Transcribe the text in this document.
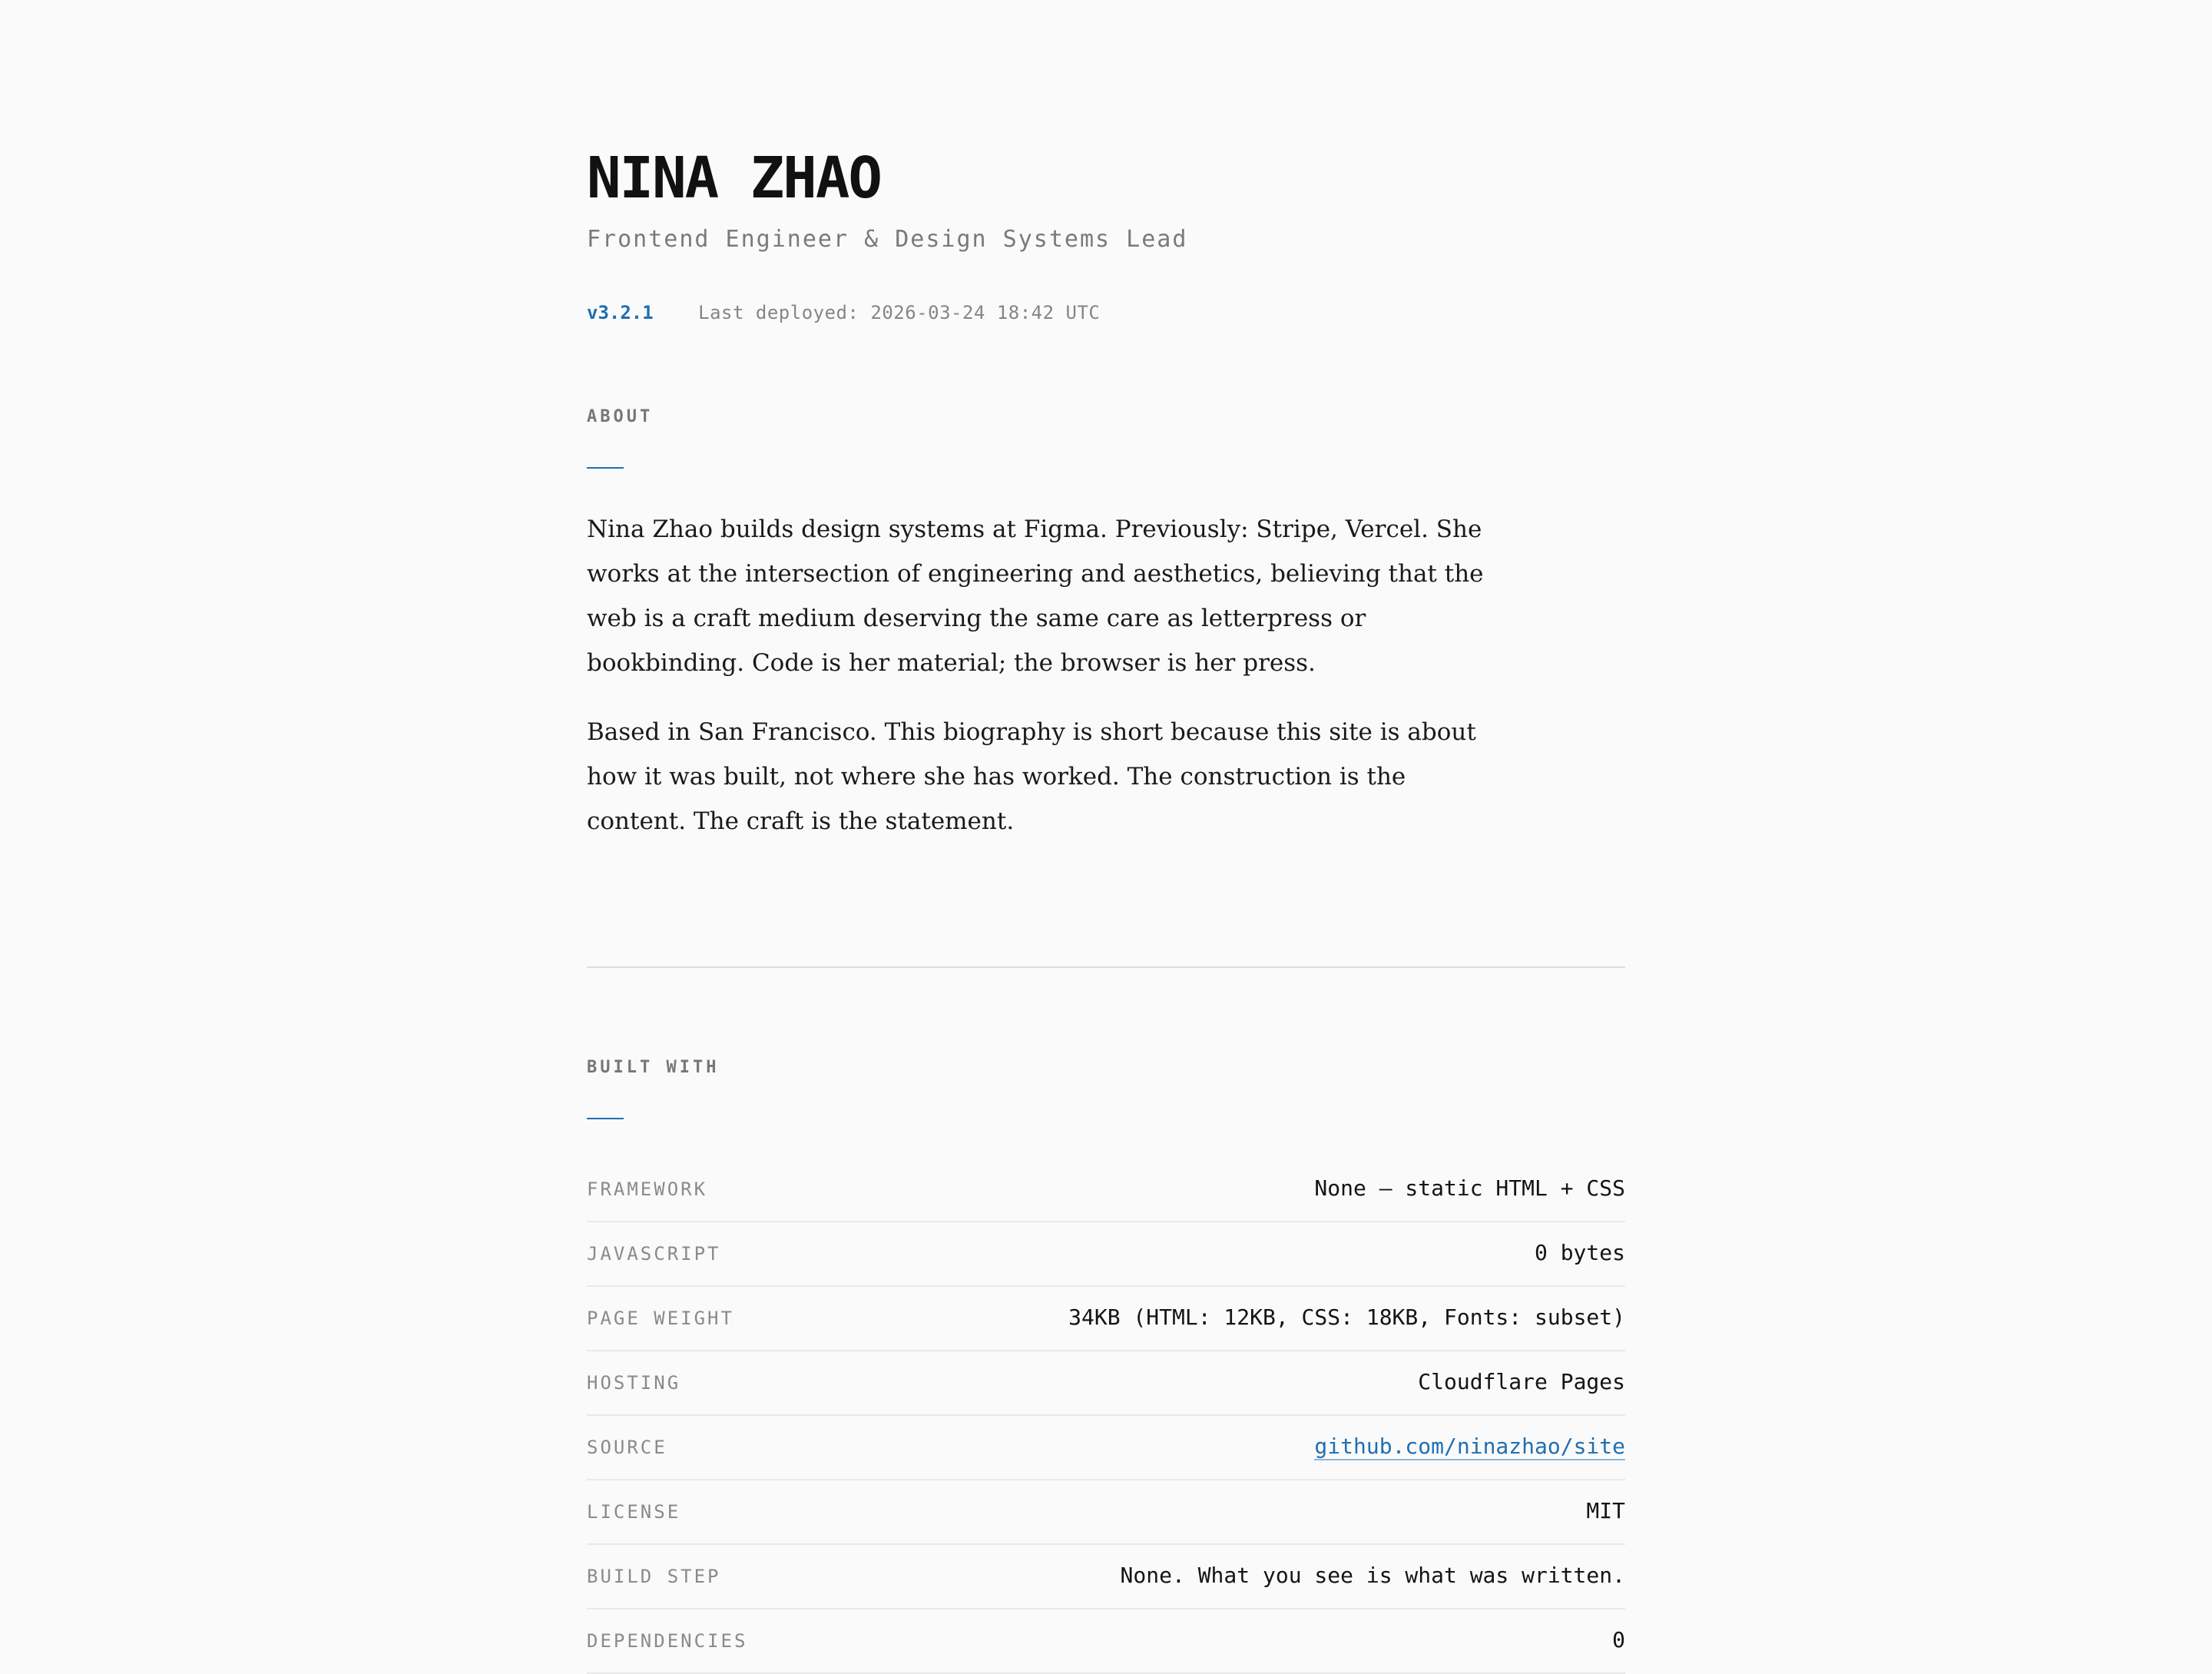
NINA ZHAO
Frontend Engineer & Design Systems Lead
v3.2.1 Last deployed: 2026-03-24 18:42 UTC
ABOUT

Nina Zhao builds design systems at Figma. Previously: Stripe, Vercel. She works at the intersection of engineering and aesthetics, believing that the web is a craft medium deserving the same care as letterpress or bookbinding. Code is her material; the browser is her press.

Based in San Francisco. This biography is short because this site is about how it was built, not where she has worked. The construction is the content. The craft is the statement.

BUILT WITH
FRAMEWORK	None — static HTML + CSS
JAVASCRIPT	0 bytes
PAGE WEIGHT	34KB (HTML: 12KB, CSS: 18KB, Fonts: subset)
HOSTING	Cloudflare Pages
SOURCE	github.com/ninazhao/site
LICENSE	MIT
BUILD STEP	None. What you see is what was written.
DEPENDENCIES	0
